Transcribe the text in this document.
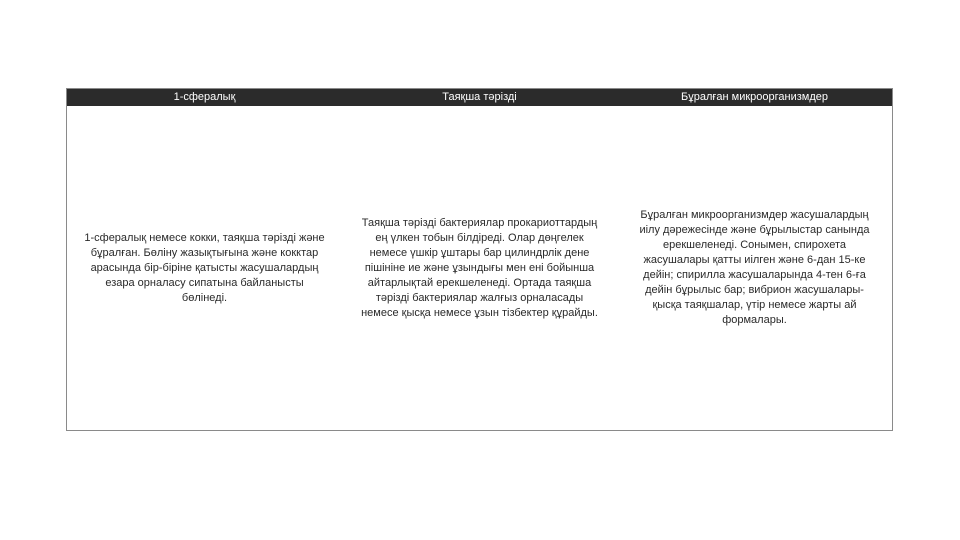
1-сфералық	Таяқша тәрізді	Бұралған микроорганизмдер
1-сфералық немесе кокки, таяқша тәрізді және бұралған. Бөліну жазықтығына және кокктар арасында бір-біріне қатысты жасушалардың езара орналасу сипатына байланысты бөлінеді.
Таяқша тәрізді бактериялар прокариоттардың ең үлкен тобын білдіреді. Олар дөңгелек немесе үшкір ұштары бар цилиндрлік дене пішініне ие және ұзындығы мен ені бойынша айтарлықтай ерекшеленеді. Ортада таяқша тәрізді бактериялар жалғыз орналасады немесе қысқа немесе ұзын тізбектер құрайды.
Бұралған микроорганизмдер жасушалардың иілу дәрежесінде және бұрылыстар санында ерекшеленеді. Сонымен, спирохета жасушалары қатты иілген және 6-дан 15-ке дейін; спирилла жасушаларында 4-тен 6-ға дейін бұрылыс бар; вибрион жасушалары-қысқа таяқшалар, үтір немесе жарты ай формалары.
